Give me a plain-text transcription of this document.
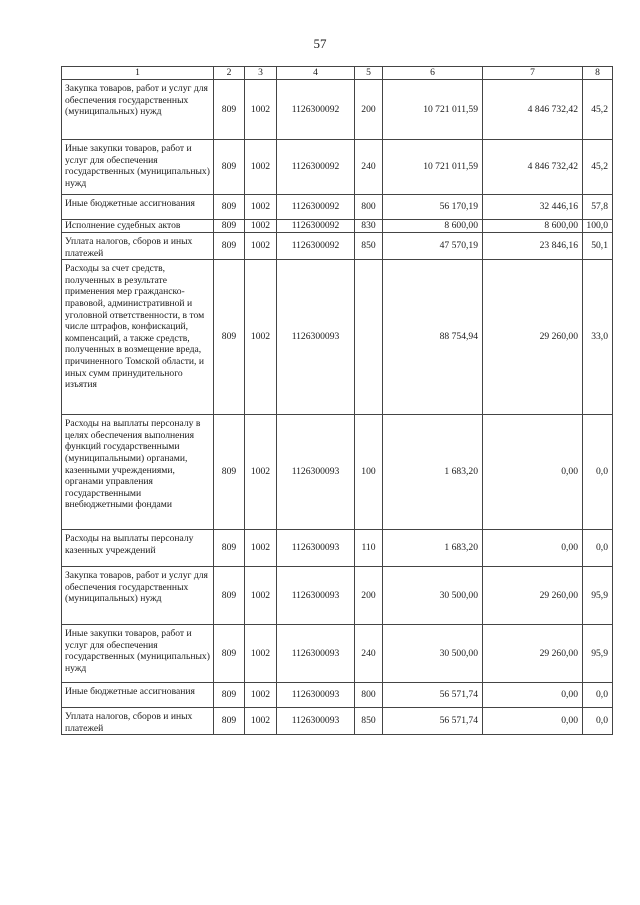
57
1	2	3	4	5	6	7	8
Закупка товаров, работ и услуг для обеспечения государственных (муниципальных) нужд	809	1002	1126300092	200	10 721 011,59	4 846 732,42	45,2
Иные закупки товаров, работ и услуг для обеспечения государственных (муниципальных) нужд	809	1002	1126300092	240	10 721 011,59	4 846 732,42	45,2
Иные бюджетные ассигнования	809	1002	1126300092	800	56 170,19	32 446,16	57,8
Исполнение судебных актов	809	1002	1126300092	830	8 600,00	8 600,00	100,0
Уплата налогов, сборов и иных платежей	809	1002	1126300092	850	47 570,19	23 846,16	50,1
Расходы за счет средств, полученных в результате применения мер гражданско-правовой, административной и уголовной ответственности, в том числе штрафов, конфискаций, компенсаций, а также средств, полученных в возмещение вреда, причиненного Томской области, и иных сумм принудительного изъятия	809	1002	1126300093		88 754,94	29 260,00	33,0
Расходы на выплаты персоналу в целях обеспечения выполнения функций государственными (муниципальными) органами, казенными учреждениями, органами управления государственными внебюджетными фондами	809	1002	1126300093	100	1 683,20	0,00	0,0
Расходы на выплаты персоналу казенных учреждений	809	1002	1126300093	110	1 683,20	0,00	0,0
Закупка товаров, работ и услуг для обеспечения государственных (муниципальных) нужд	809	1002	1126300093	200	30 500,00	29 260,00	95,9
Иные закупки товаров, работ и услуг для обеспечения государственных (муниципальных) нужд	809	1002	1126300093	240	30 500,00	29 260,00	95,9
Иные бюджетные ассигнования	809	1002	1126300093	800	56 571,74	0,00	0,0
Уплата налогов, сборов и иных платежей	809	1002	1126300093	850	56 571,74	0,00	0,0
